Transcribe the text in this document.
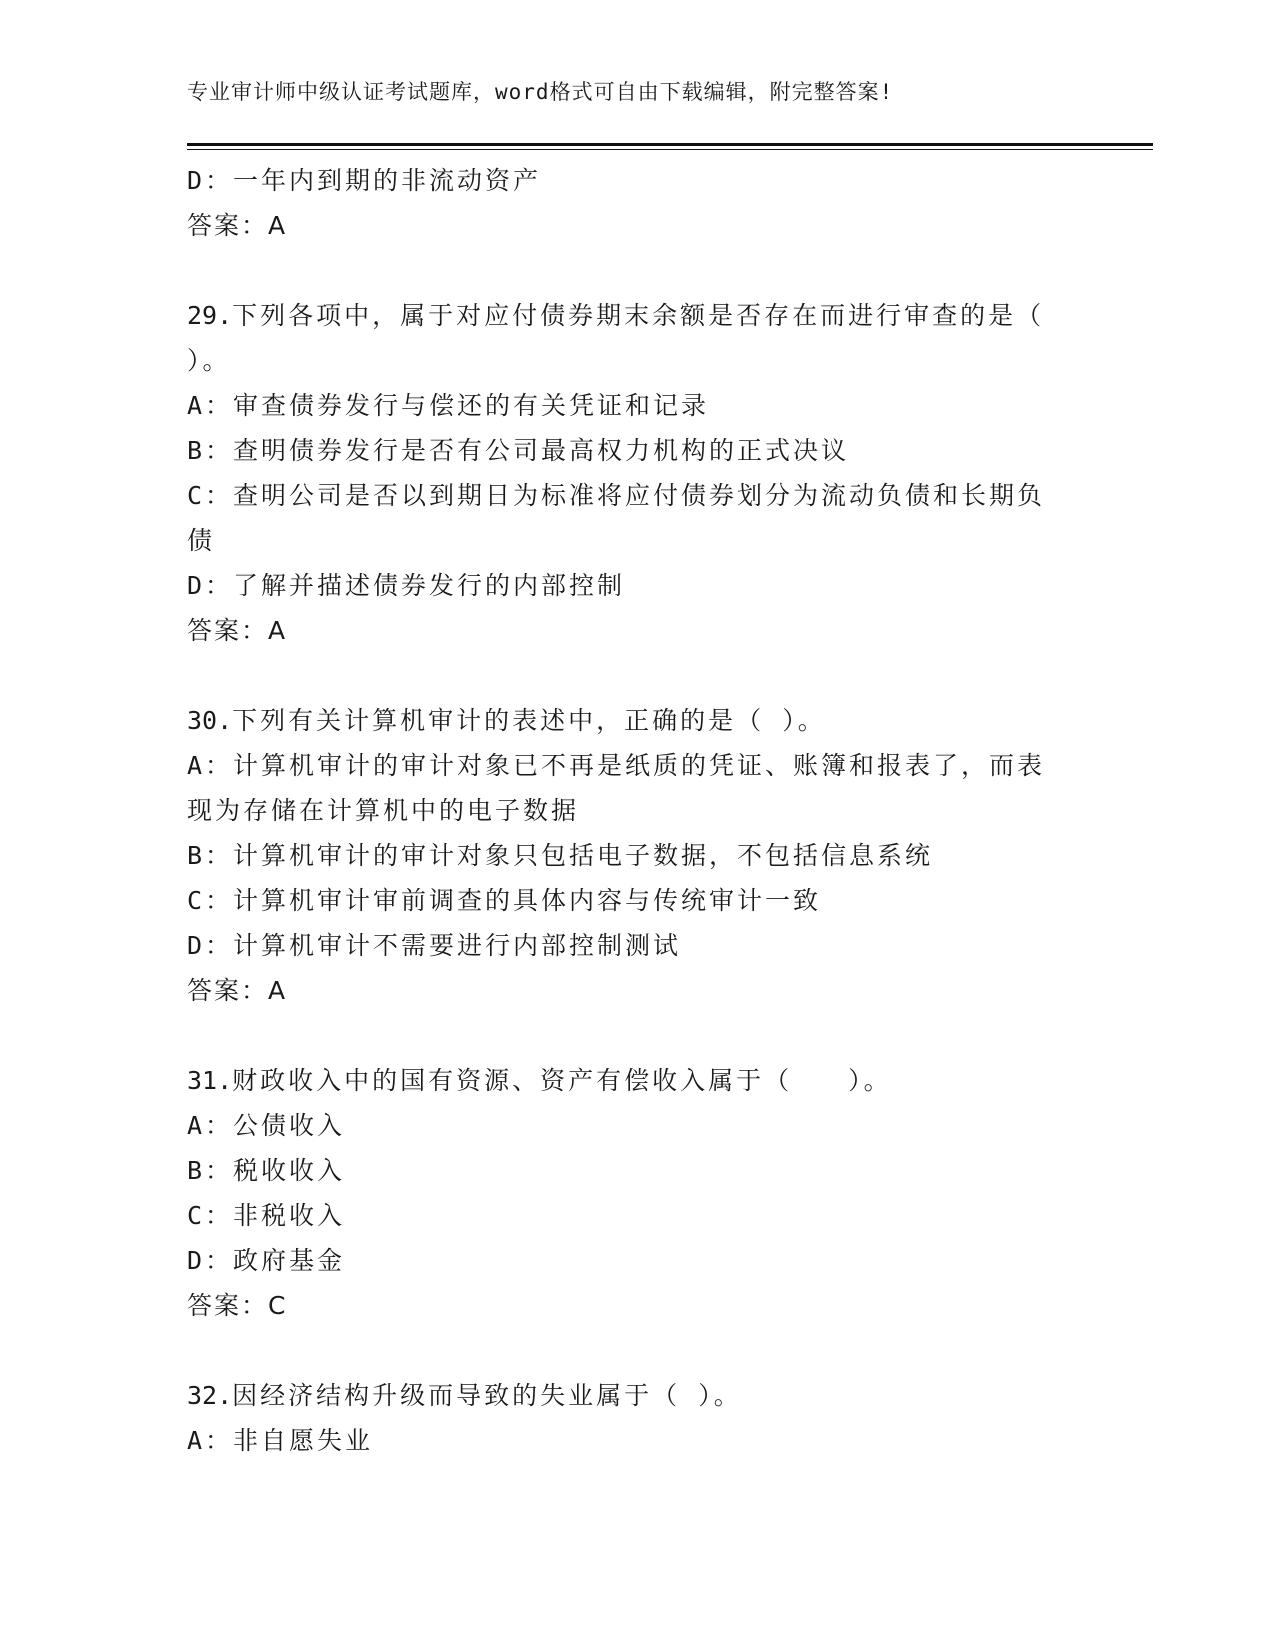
专业审计师中级认证考试题库，word格式可自由下载编辑，附完整答案!
D：一年内到期的非流动资产
答案：A
29.下列各项中，属于对应付债券期末余额是否存在而进行审查的是（
）。
A：审查债券发行与偿还的有关凭证和记录
B：查明债券发行是否有公司最高权力机构的正式决议
C：查明公司是否以到期日为标准将应付债券划分为流动负债和长期负
债
D：了解并描述债券发行的内部控制
答案：A
30.下列有关计算机审计的表述中，正确的是（ ）。
A：计算机审计的审计对象已不再是纸质的凭证、账簿和报表了，而表
现为存储在计算机中的电子数据
B：计算机审计的审计对象只包括电子数据，不包括信息系统
C：计算机审计审前调查的具体内容与传统审计一致
D：计算机审计不需要进行内部控制测试
答案：A
31.财政收入中的国有资源、资产有偿收入属于（　　）。
A：公债收入
B：税收收入
C：非税收入
D：政府基金
答案：C
32.因经济结构升级而导致的失业属于（ ）。
A：非自愿失业
